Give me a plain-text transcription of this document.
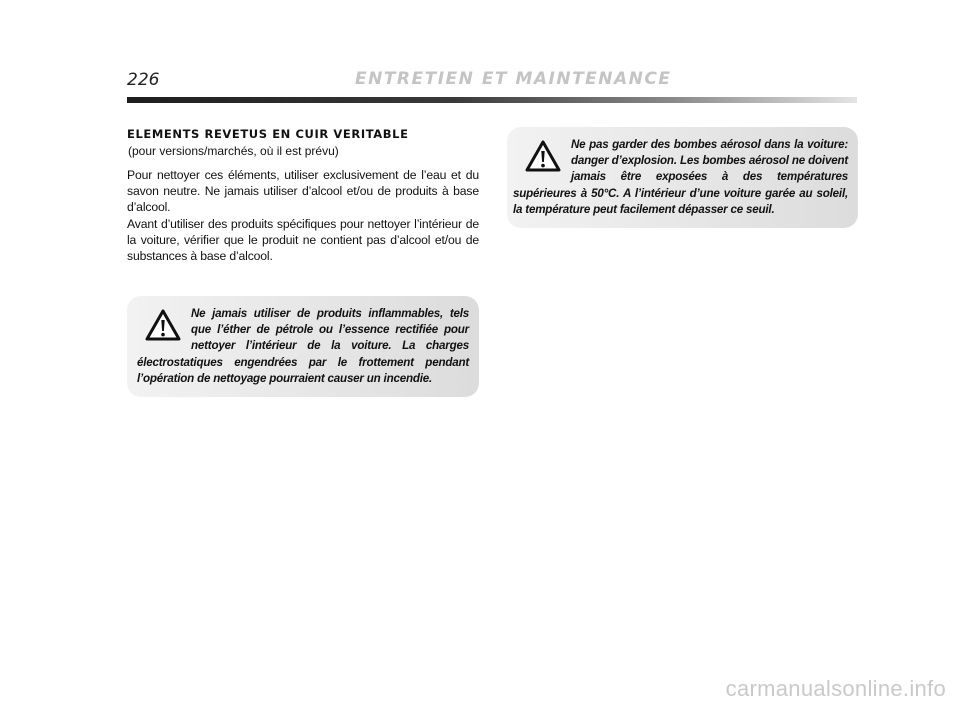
226	ENTRETIEN ET MAINTENANCE
ELEMENTS REVETUS EN CUIR VERITABLE
(pour versions/marchés, où il est prévu)

Pour nettoyer ces éléments, utiliser exclusivement de l’eau et du savon neutre. Ne jamais utiliser d’alcool et/ou de produits à base d’alcool.

Avant d’utiliser des produits spécifiques pour nettoyer l’intérieur de la voiture, vérifier que le produit ne contient pas d’alcool et/ou de substances à base d’alcool.

Ne jamais utiliser de produits inflammables, tels que l’éther de pétrole ou l’essence rectifiée pour nettoyer l’intérieur de la voiture. La charges électrostatiques engendrées par le frottement pendant l’opération de nettoyage pourraient causer un incendie.

Ne pas garder des bombes aérosol dans la voiture: danger d’explosion. Les bombes aérosol ne doivent jamais être exposées à des températures supérieures à 50°C. A l’intérieur d’une voiture garée au soleil, la température peut facilement dépasser ce seuil.

carmanualsonline.info
